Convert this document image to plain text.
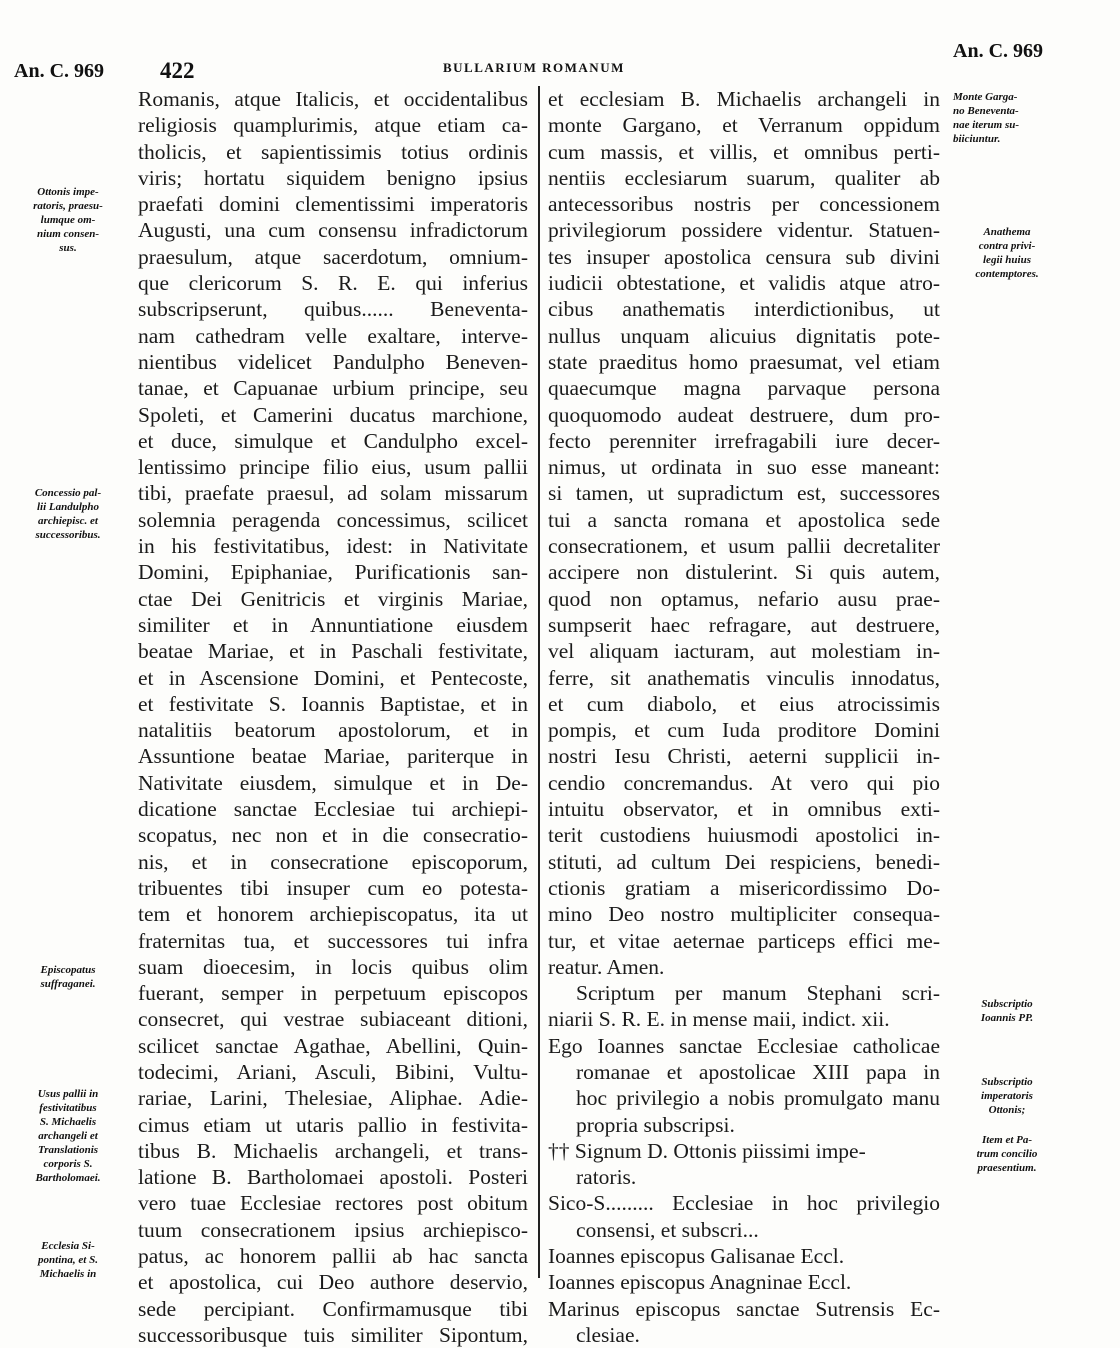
An. C. 969 422	BULLARIUM ROMANUM
An. C. 969
Romanis, atque Italicis, et occidentalibus
religiosis quamplurimis, atque etiam ca-
tholicis, et sapientissimis totius ordinis
viris; hortatu siquidem benigno ipsius
praefati domini clementissimi imperatoris
Augusti, una cum consensu infradictorum
praesulum, atque sacerdotum, omnium-
que clericorum S. R. E. qui inferius
subscripserunt, quibus...... Beneventa-
nam cathedram velle exaltare, interve-
nientibus videlicet Pandulpho Beneven-
tanae, et Capuanae urbium principe, seu
Spoleti, et Camerini ducatus marchione,
et duce, simulque et Candulpho excel-
lentissimo principe filio eius, usum pallii
tibi, praefate praesul, ad solam missarum
solemnia peragenda concessimus, scilicet
in his festivitatibus, idest: in Nativitate
Domini, Epiphaniae, Purificationis san-
ctae Dei Genitricis et virginis Mariae,
similiter et in Annuntiatione eiusdem
beatae Mariae, et in Paschali festivitate,
et in Ascensione Domini, et Pentecoste,
et festivitate S. Ioannis Baptistae, et in
natalitiis beatorum apostolorum, et in
Assuntione beatae Mariae, pariterque in
Nativitate eiusdem, simulque et in De-
dicatione sanctae Ecclesiae tui archiepi-
scopatus, nec non et in die consecratio-
nis, et in consecratione episcoporum,
tribuentes tibi insuper cum eo potesta-
tem et honorem archiepiscopatus, ita ut
fraternitas tua, et successores tui infra
suam dioecesim, in locis quibus olim
fuerant, semper in perpetuum episcopos
consecret, qui vestrae subiaceant ditioni,
scilicet sanctae Agathae, Abellini, Quin-
todecimi, Ariani, Asculi, Bibini, Vultu-
rariae, Larini, Thelesiae, Aliphae. Adie-
cimus etiam ut utaris pallio in festivita-
tibus B. Michaelis archangeli, et trans-
latione B. Bartholomaei apostoli. Posteri
vero tuae Ecclesiae rectores post obitum
tuum consecrationem ipsius archiepisco-
patus, ac honorem pallii ab hac sancta
et apostolica, cui Deo authore deservio,
sede percipiant. Confirmamusque tibi
successoribusque tuis similiter Sipontum,
et ecclesiam B. Michaelis archangeli in
monte Gargano, et Verranum oppidum
cum massis, et villis, et omnibus perti-
nentiis ecclesiarum suarum, qualiter ab
antecessoribus nostris per concessionem
privilegiorum possidere videntur. Statuen-
tes insuper apostolica censura sub divini
iudicii obtestatione, et validis atque atro-
cibus anathematis interdictionibus, ut
nullus unquam alicuius dignitatis pote-
state praeditus homo praesumat, vel etiam
quaecumque magna parvaque persona
quoquomodo audeat destruere, dum pro-
fecto perenniter irrefragabili iure decer-
nimus, ut ordinata in suo esse maneant:
si tamen, ut supradictum est, successores
tui a sancta romana et apostolica sede
consecrationem, et usum pallii decretaliter
accipere non distulerint. Si quis autem,
quod non optamus, nefario ausu prae-
sumpserit haec refragare, aut destruere,
vel aliquam iacturam, aut molestiam in-
ferre, sit anathematis vinculis innodatus,
et cum diabolo, et eius atrocissimis
pompis, et cum Iuda proditore Domini
nostri Iesu Christi, aeterni supplicii in-
cendio concremandus. At vero qui pio
intuitu observator, et in omnibus exti-
terit custodiens huiusmodi apostolici in-
stituti, ad cultum Dei respiciens, benedi-
ctionis gratiam a misericordissimo Do-
mino Deo nostro multipliciter consequa-
tur, et vitae aeternae particeps effici me-
reatur. Amen.
Scriptum per manum Stephani scri-
niarii S. R. E. in mense maii, indict. xii.
Ego Ioannes sanctae Ecclesiae catholicae
romanae et apostolicae XIII papa in
hoc privilegio a nobis promulgato manu
propria subscripsi.
†† Signum D. Ottonis piissimi impe-
ratoris.
Sico-S......... Ecclesiae in hoc privilegio
consensi, et subscri...
Ioannes episcopus Galisanae Eccl.
Ioannes episcopus Anagninae Eccl.
Marinus episcopus sanctae Sutrensis Ec-
clesiae.
Ottonis impe-
ratoris, praesu-
lumque om-
nium consen-
sus.
Concessio pal-
lii Landulpho
archiepisc. et
successoribus.
Episcopatus
suffraganei.
Usus pallii in
festivitatibus
S. Michaelis
archangeli et
Translationis
corporis S.
Bartholomaei.
Ecclesia Si-
pontina, et S.
Michaelis in
Monte Garga-
no Beneventa-
nae iterum su-
biiciuntur.
Anathema
contra privi-
legii huius
contemptores.
Subscriptio
Ioannis PP.
Subscriptio
imperatoris
Ottonis;
Item et Pa-
trum concilio
praesentium.
